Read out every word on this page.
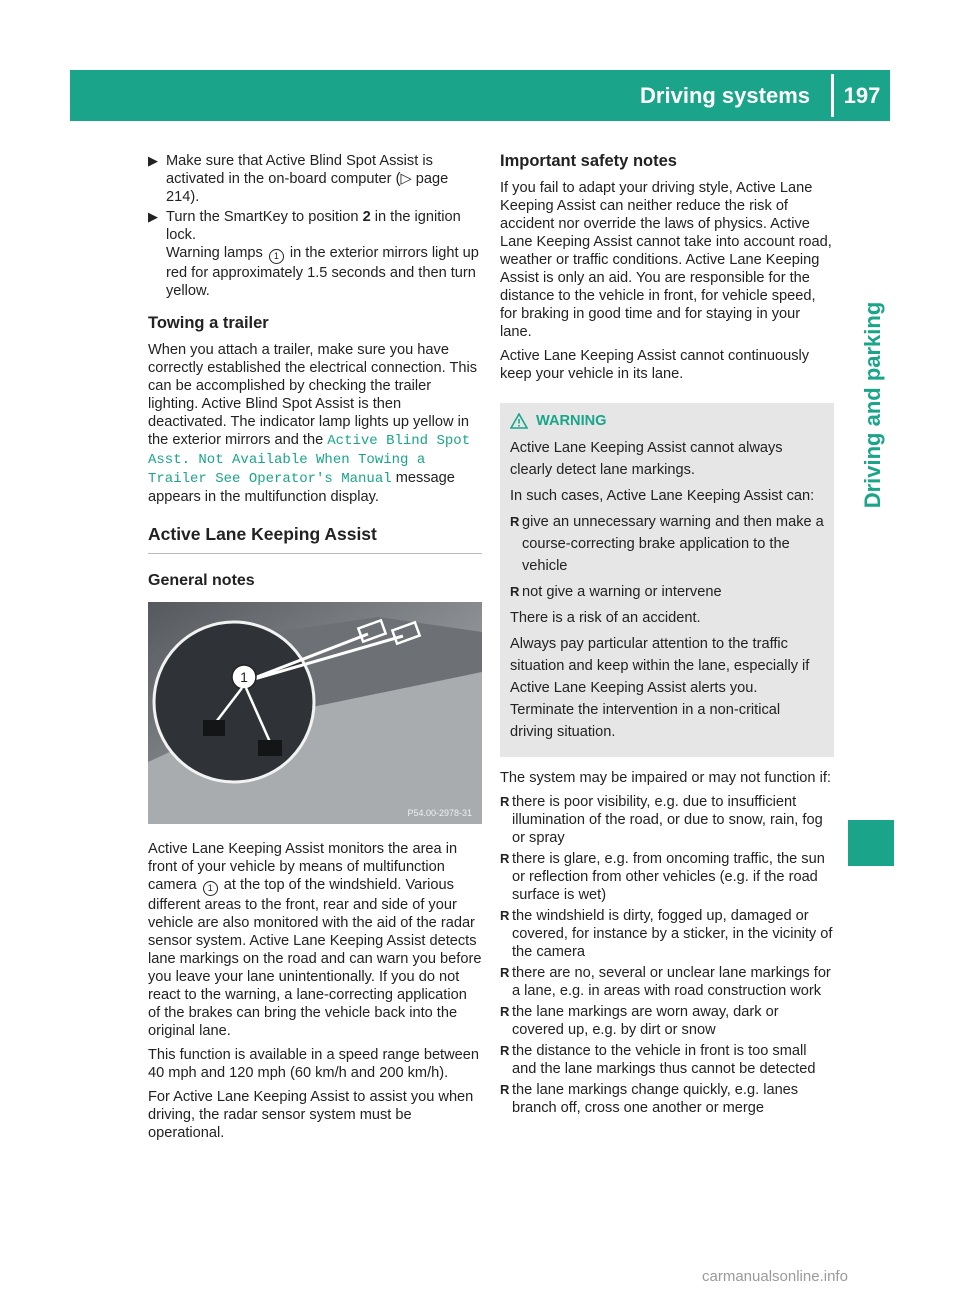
Driving systems	197
Driving and parking
▶ Make sure that Active Blind Spot Assist is activated in the on-board computer (▷ page 214).
▶ Turn the SmartKey to position 2 in the ignition lock.
Warning lamps 1 in the exterior mirrors light up red for approximately 1.5 seconds and then turn yellow.
Towing a trailer

When you attach a trailer, make sure you have correctly established the electrical connection. This can be accomplished by checking the trailer lighting. Active Blind Spot Assist is then deactivated. The indicator lamp lights up yellow in the exterior mirrors and the Active Blind Spot Asst. Not Available When Towing a Trailer See Operator's Manual message appears in the multifunction display.

Active Lane Keeping Assist
General notes
1
P54.00-2978-31

Active Lane Keeping Assist monitors the area in front of your vehicle by means of multifunction camera 1 at the top of the windshield. Various different areas to the front, rear and side of your vehicle are also monitored with the aid of the radar sensor system. Active Lane Keeping Assist detects lane markings on the road and can warn you before you leave your lane unintentionally. If you do not react to the warning, a lane-correcting application of the brakes can bring the vehicle back into the original lane.

This function is available in a speed range between 40 mph and 120 mph (60 km/h and 200 km/h).

For Active Lane Keeping Assist to assist you when driving, the radar sensor system must be operational.

Important safety notes

If you fail to adapt your driving style, Active Lane Keeping Assist can neither reduce the risk of accident nor override the laws of physics. Active Lane Keeping Assist cannot take into account road, weather or traffic conditions. Active Lane Keeping Assist is only an aid. You are responsible for the distance to the vehicle in front, for vehicle speed, for braking in good time and for staying in your lane.

Active Lane Keeping Assist cannot continuously keep your vehicle in its lane.

WARNING

Active Lane Keeping Assist cannot always clearly detect lane markings.

In such cases, Active Lane Keeping Assist can:

R give an unnecessary warning and then make a course-correcting brake application to the vehicle
R not give a warning or intervene

There is a risk of an accident.

Always pay particular attention to the traffic situation and keep within the lane, especially if Active Lane Keeping Assist alerts you. Terminate the intervention in a non-critical driving situation.

The system may be impaired or may not function if:

R there is poor visibility, e.g. due to insufficient illumination of the road, or due to snow, rain, fog or spray
R there is glare, e.g. from oncoming traffic, the sun or reflection from other vehicles (e.g. if the road surface is wet)
R the windshield is dirty, fogged up, damaged or covered, for instance by a sticker, in the vicinity of the camera
R there are no, several or unclear lane markings for a lane, e.g. in areas with road construction work
R the lane markings are worn away, dark or covered up, e.g. by dirt or snow
R the distance to the vehicle in front is too small and the lane markings thus cannot be detected
R the lane markings change quickly, e.g. lanes branch off, cross one another or merge
carmanualsonline.info
